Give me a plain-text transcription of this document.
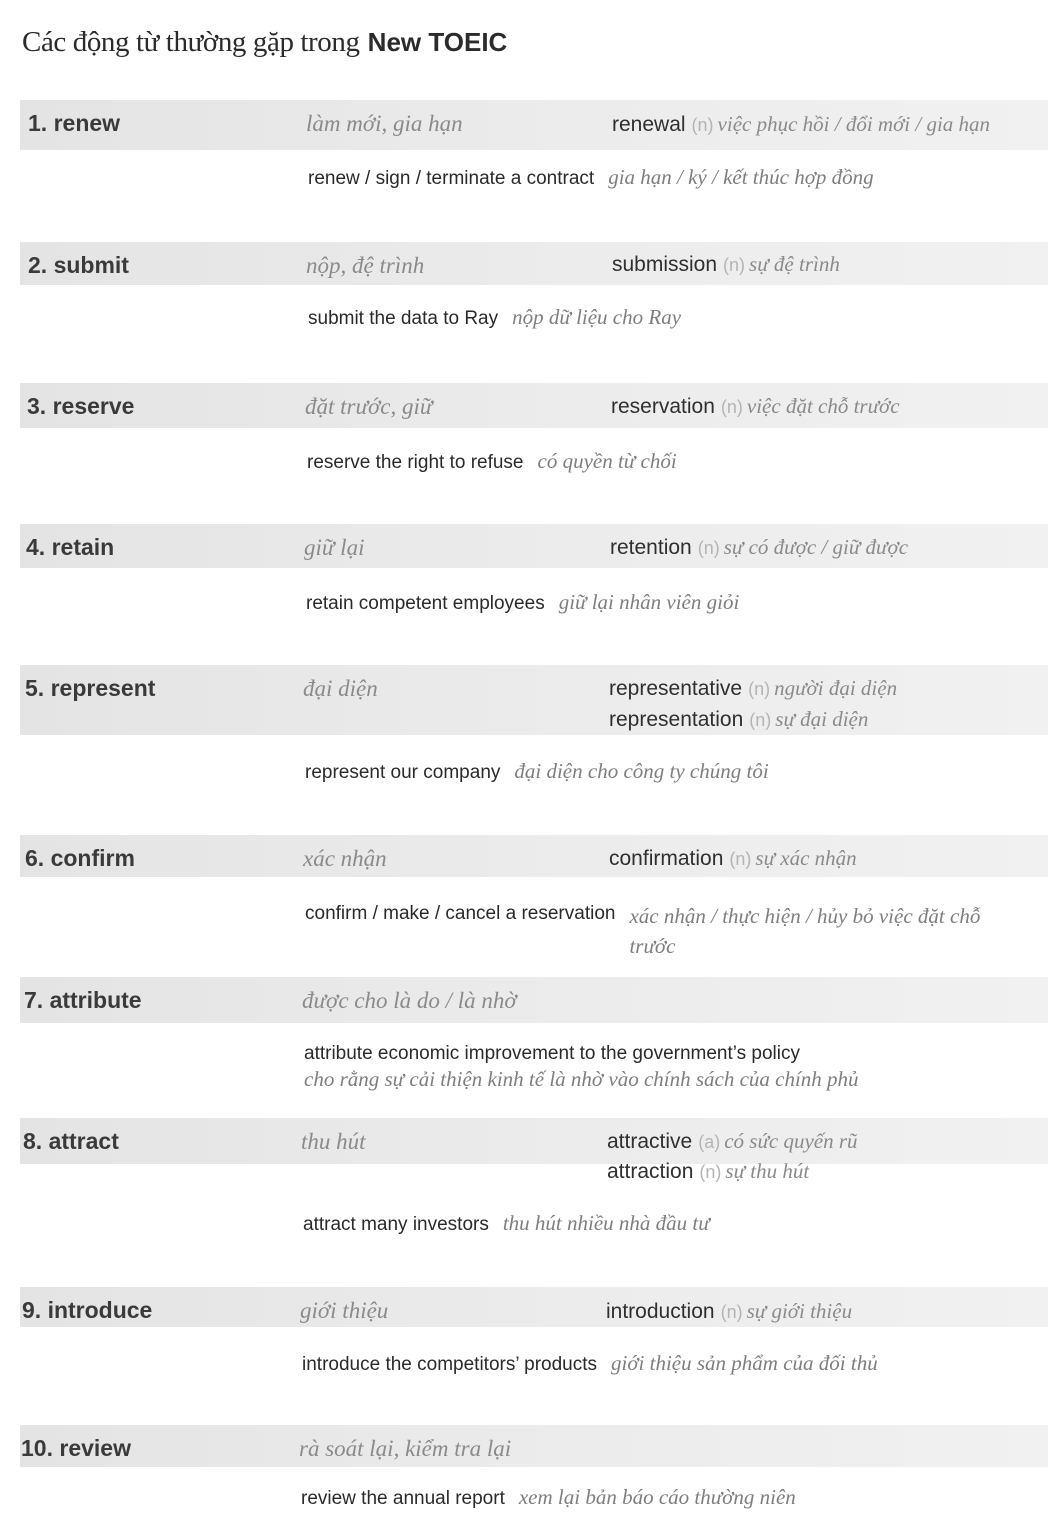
Các động từ thường gặp trong New TOEIC
1. renew	làm mới, gia hạn	renewal (n) việc phục hồi / đổi mới / gia hạn
renew / sign / terminate a contract gia hạn / ký / kết thúc hợp đồng
2. submit	nộp, đệ trình	submission (n) sự đệ trình
submit the data to Ray nộp dữ liệu cho Ray
3. reserve	đặt trước, giữ	reservation (n) việc đặt chỗ trước
reserve the right to refuse có quyền từ chối
4. retain	giữ lại	retention (n) sự có được / giữ được
retain competent employees giữ lại nhân viên giỏi
5. represent	đại diện	representative (n) người đại diện
representation (n) sự đại diện
represent our company đại diện cho công ty chúng tôi
6. confirm	xác nhận	confirmation (n) sự xác nhận
confirm / make / cancel a reservation xác nhận / thực hiện / hủy bỏ việc đặt chỗ trước
7. attribute	được cho là do / là nhờ
attribute economic improvement to the government’s policy
cho rằng sự cải thiện kinh tế là nhờ vào chính sách của chính phủ
8. attract	thu hút	attractive (a) có sức quyến rũ
attraction (n) sự thu hút
attract many investors thu hút nhiều nhà đầu tư
9. introduce	giới thiệu	introduction (n) sự giới thiệu
introduce the competitors’ products giới thiệu sản phẩm của đối thủ
10. review	rà soát lại, kiểm tra lại
review the annual report xem lại bản báo cáo thường niên
